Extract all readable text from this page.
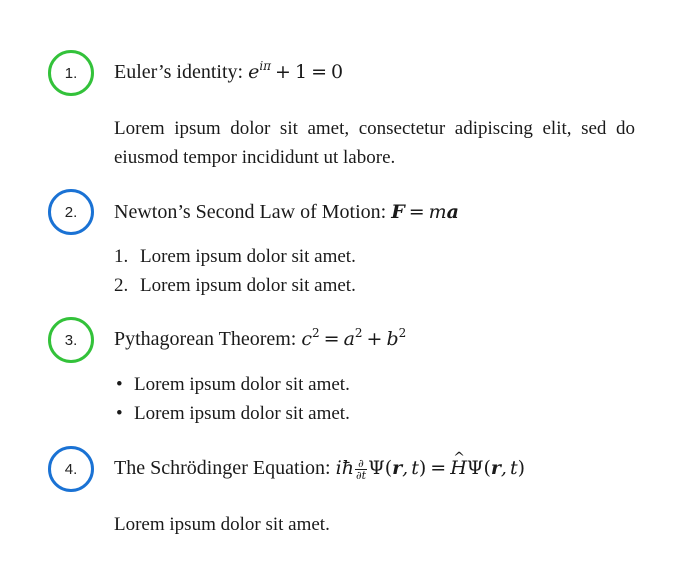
1. Euler’s identity: $e^{i\pi} + 1 = 0$
Lorem ipsum dolor sit amet, consectetur adipiscing elit, sed do eiusmod tempor incididunt ut labore.
2. Newton’s Second Law of Motion: F = ma
1. Lorem ipsum dolor sit amet.
2. Lorem ipsum dolor sit amet.
3. Pythagorean Theorem: $c^2 = a^2 + b^2$
• Lorem ipsum dolor sit amet.
• Lorem ipsum dolor sit amet.
4. The Schrödinger Equation: iħ $\frac{\partial}{\partial t} \Psi(r$, t) =^ HΨ(r, t)
Lorem ipsum dolor sit amet.
